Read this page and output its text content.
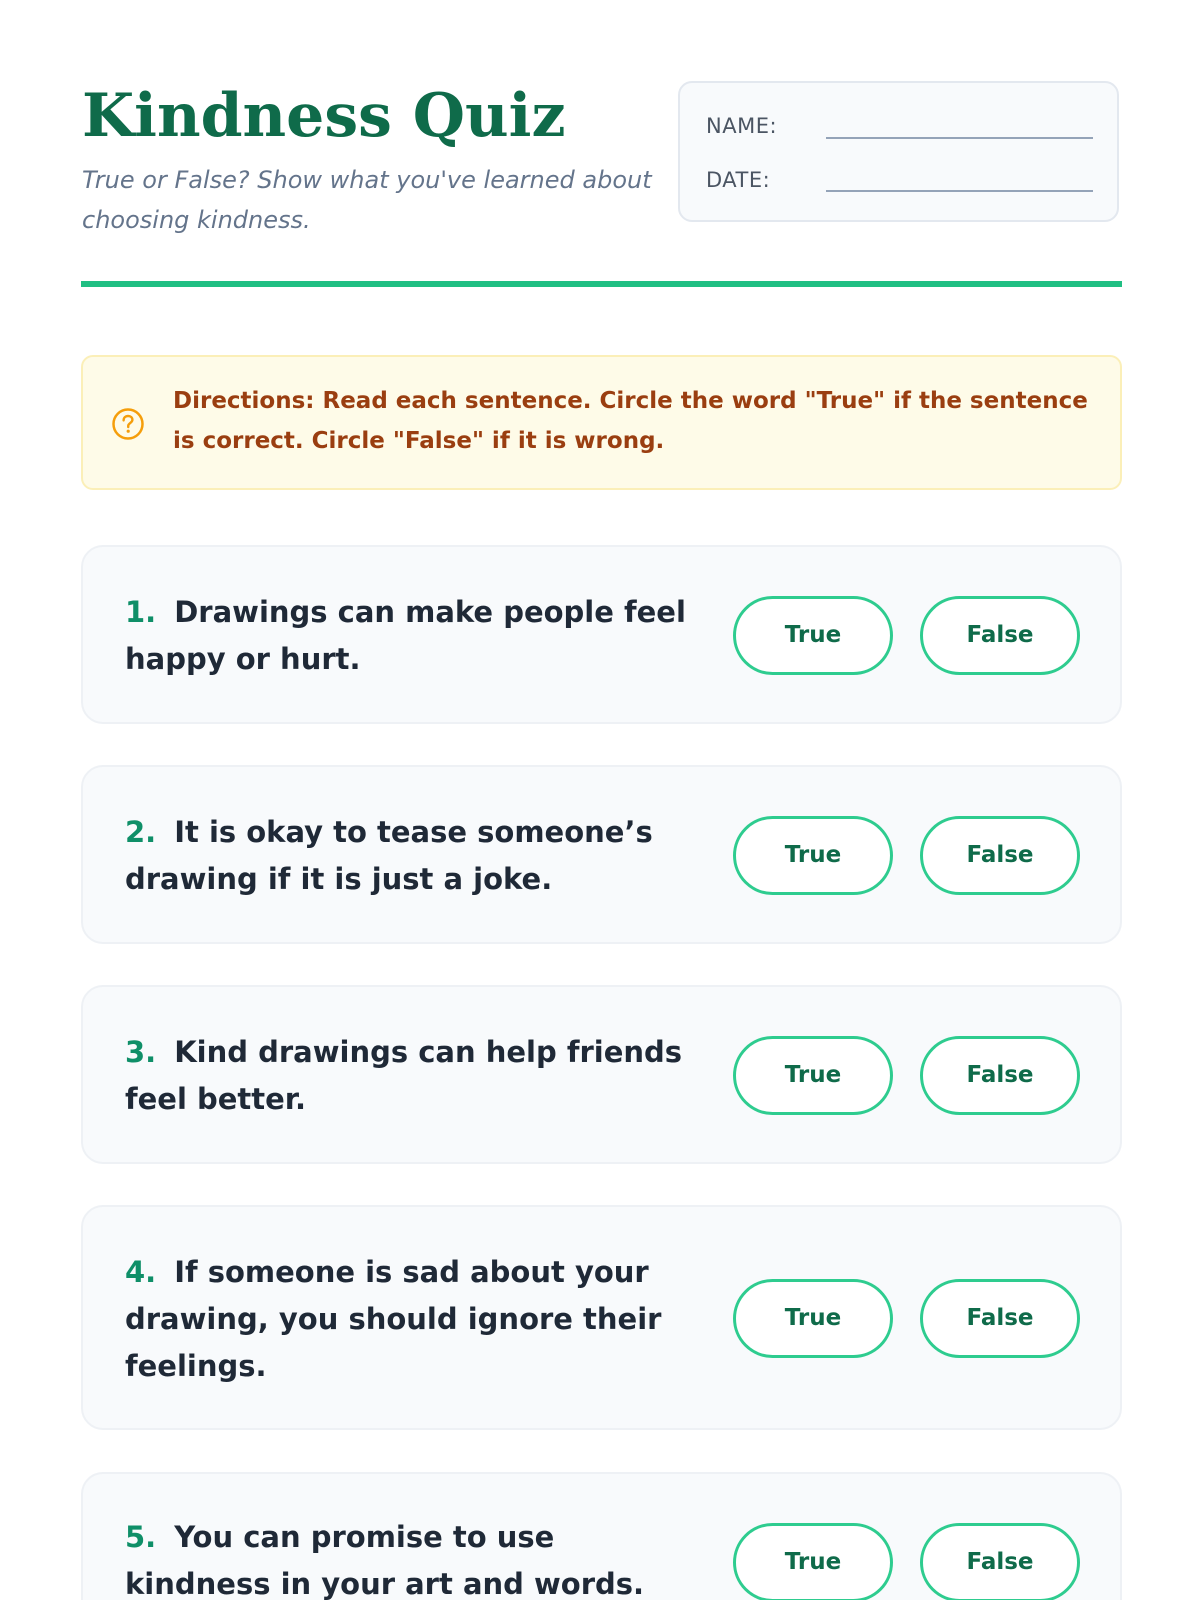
Kindness Quiz

True or False? Show what you've learned about choosing kindness.

NAME:
DATE:

Directions: Read each sentence. Circle the word "True" if the sentence is correct. Circle "False" if it is wrong.

1. Drawings can make people feel happy or hurt.

True	False

2. It is okay to tease someone’s drawing if it is just a joke.

True	False

3. Kind drawings can help friends feel better.

True	False

4. If someone is sad about your drawing, you should ignore their feelings.

True	False

5. You can promise to use kindness in your art and words.

True	False
